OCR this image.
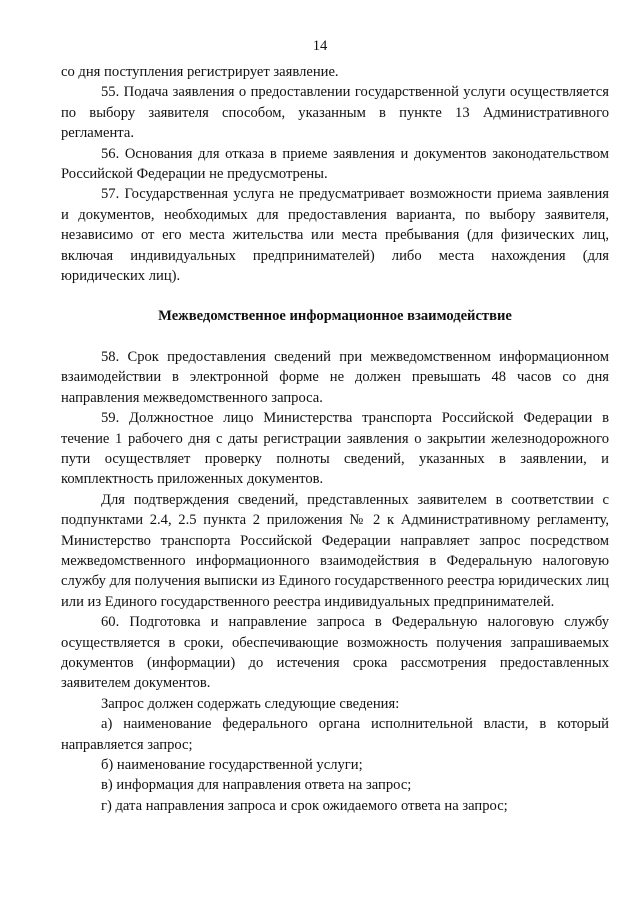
14

со дня поступления регистрирует заявление.

55. Подача заявления о предоставлении государственной услуги осуществляется по выбору заявителя способом, указанным в пункте 13 Административного регламента.

56. Основания для отказа в приеме заявления и документов законодательством Российской Федерации не предусмотрены.

57. Государственная услуга не предусматривает возможности приема заявления и документов, необходимых для предоставления варианта, по выбору заявителя, независимо от его места жительства или места пребывания (для физических лиц, включая индивидуальных предпринимателей) либо места нахождения (для юридических лиц).

Межведомственное информационное взаимодействие

58. Срок предоставления сведений при межведомственном информационном взаимодействии в электронной форме не должен превышать 48 часов со дня направления межведомственного запроса.

59. Должностное лицо Министерства транспорта Российской Федерации в течение 1 рабочего дня с даты регистрации заявления о закрытии железнодорожного пути осуществляет проверку полноты сведений, указанных в заявлении, и комплектность приложенных документов.

Для подтверждения сведений, представленных заявителем в соответствии с подпунктами 2.4, 2.5 пункта 2 приложения № 2 к Административному регламенту, Министерство транспорта Российской Федерации направляет запрос посредством межведомственного информационного взаимодействия в Федеральную налоговую службу для получения выписки из Единого государственного реестра юридических лиц или из Единого государственного реестра индивидуальных предпринимателей.

60. Подготовка и направление запроса в Федеральную налоговую службу осуществляется в сроки, обеспечивающие возможность получения запрашиваемых документов (информации) до истечения срока рассмотрения предоставленных заявителем документов.

Запрос должен содержать следующие сведения:

а) наименование федерального органа исполнительной власти, в который направляется запрос;

б) наименование государственной услуги;

в) информация для направления ответа на запрос;

г) дата направления запроса и срок ожидаемого ответа на запрос;
